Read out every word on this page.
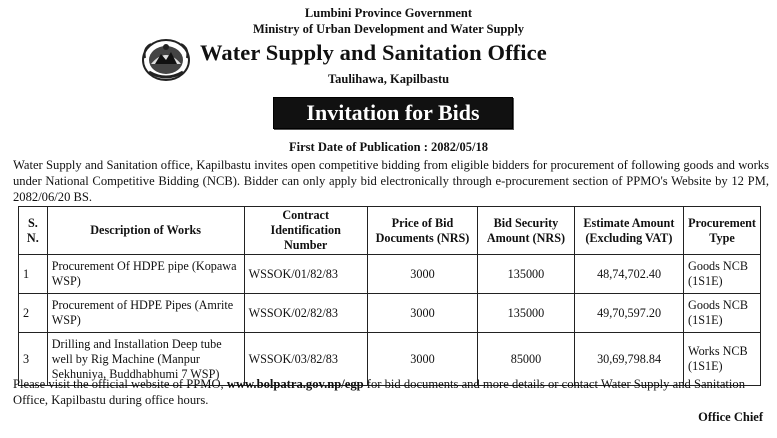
Lumbini Province Government
Ministry of Urban Development and Water Supply
Water Supply and Sanitation Office
Taulihawa, Kapilbastu
Invitation for Bids
First Date of Publication : 2082/05/18
Water Supply and Sanitation office, Kapilbastu invites open competitive bidding from eligible bidders for procurement of following goods and works under National Competitive Bidding (NCB). Bidder can only apply bid electronically through e-procurement section of PPMO's Website by 12 PM, 2082/06/20 BS.
S. N.	Description of Works	Contract Identification Number	Price of Bid Documents (NRS)	Bid Security Amount (NRS)	Estimate Amount (Excluding VAT)	Procurement Type
1	Procurement Of HDPE pipe (Kopawa WSP)	WSSOK/01/82/83	3000	135000	48,74,702.40	Goods NCB (1S1E)
2	Procurement of HDPE Pipes (Amrite WSP)	WSSOK/02/82/83	3000	135000	49,70,597.20	Goods NCB (1S1E)
3	Drilling and Installation Deep tube well by Rig Machine (Manpur Sekhuniya, Buddhabhumi 7 WSP)	WSSOK/03/82/83	3000	85000	30,69,798.84	Works NCB (1S1E)
Please visit the official website of PPMO, www.bolpatra.gov.np/egp for bid documents and more details or contact Water Supply and Sanitation Office, Kapilbastu during office hours.
Office Chief
